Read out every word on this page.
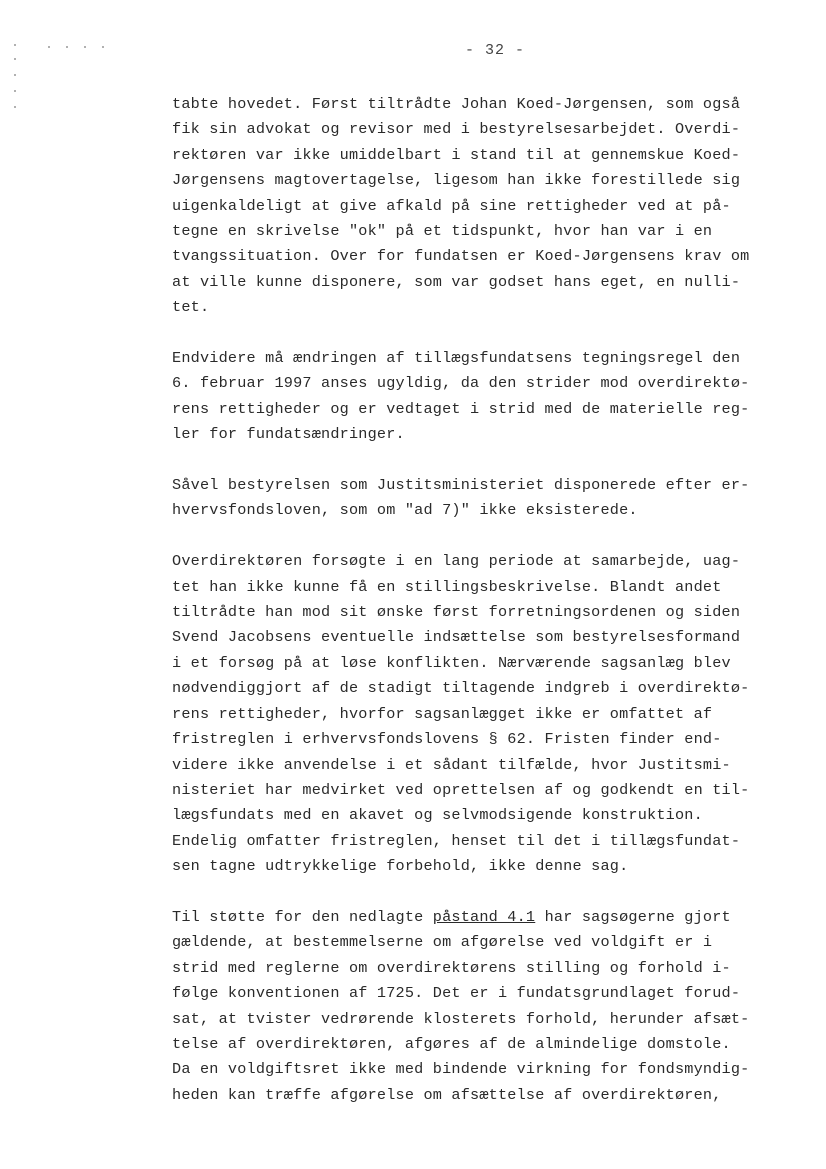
- 32 -
tabte hovedet. Først tiltrådte Johan Koed-Jørgensen, som også
fik sin advokat og revisor med i bestyrelsesarbejdet. Overdi-
rektøren var ikke umiddelbart i stand til at gennemskue Koed-
Jørgensens magtovertagelse, ligesom han ikke forestillede sig
uigenkaldeligt at give afkald på sine rettigheder ved at på-
tegne en skrivelse "ok" på et tidspunkt, hvor han var i en
tvangssituation. Over for fundatsen er Koed-Jørgensens krav om
at ville kunne disponere, som var godset hans eget, en nulli-
tet.
Endvidere må ændringen af tillægsfundatsens tegningsregel den
6. februar 1997 anses ugyldig, da den strider mod overdirektø-
rens rettigheder og er vedtaget i strid med de materielle reg-
ler for fundatsændringer.
Såvel bestyrelsen som Justitsministeriet disponerede efter er-
hvervsfondsloven, som om "ad 7)" ikke eksisterede.
Overdirektøren forsøgte i en lang periode at samarbejde, uag-
tet han ikke kunne få en stillingsbeskrivelse. Blandt andet
tiltrådte han mod sit ønske først forretningsordenen og siden
Svend Jacobsens eventuelle indsættelse som bestyrelsesformand
i et forsøg på at løse konflikten. Nærværende sagsanlæg blev
nødvendiggjort af de stadigt tiltagende indgreb i overdirektø-
rens rettigheder, hvorfor sagsanlægget ikke er omfattet af
fristreglen i erhvervsfondslovens § 62. Fristen finder end-
videre ikke anvendelse i et sådant tilfælde, hvor Justitsmi-
nisteriet har medvirket ved oprettelsen af og godkendt en til-
lægsfundats med en akavet og selvmodsigende konstruktion.
Endelig omfatter fristreglen, henset til det i tillægsfundat-
sen tagne udtrykkelige forbehold, ikke denne sag.
Til støtte for den nedlagte påstand 4.1 har sagsøgerne gjort
gældende, at bestemmelserne om afgørelse ved voldgift er i
strid med reglerne om overdirektørens stilling og forhold i-
følge konventionen af 1725. Det er i fundatsgrundlaget forud-
sat, at tvister vedrørende klosterets forhold, herunder afsæt-
telse af overdirektøren, afgøres af de almindelige domstole.
Da en voldgiftsret ikke med bindende virkning for fondsmyndig-
heden kan træffe afgørelse om afsættelse af overdirektøren,
